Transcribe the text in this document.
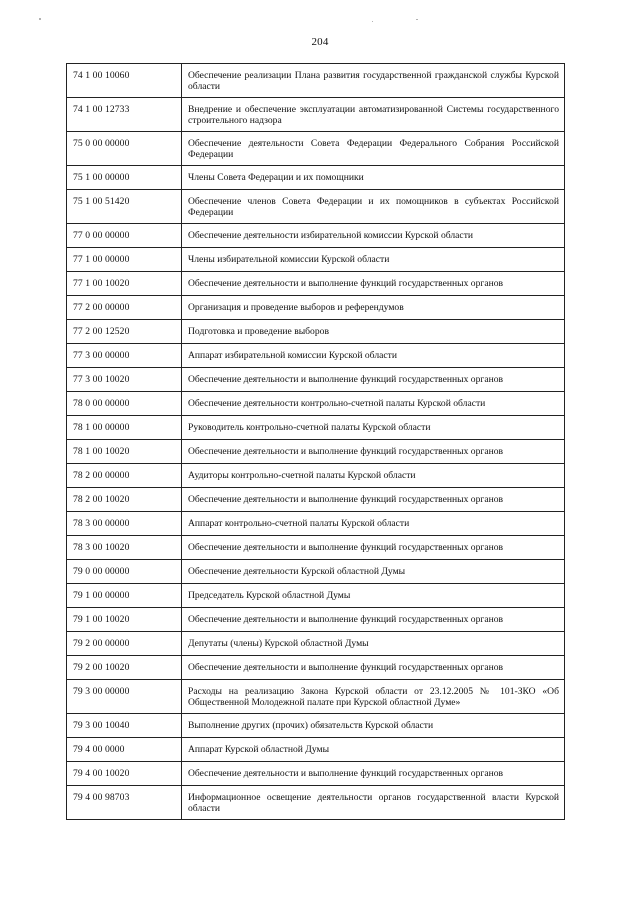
204
74 1 00 10060	Обеспечение реализации Плана развития государственной гражданской службы Курской области
74 1 00 12733	Внедрение и обеспечение эксплуатации автоматизированной Системы государственного строительного надзора
75 0 00 00000	Обеспечение деятельности Совета Федерации Федерального Собрания Российской Федерации
75 1 00 00000	Члены Совета Федерации и их помощники
75 1 00 51420	Обеспечение членов Совета Федерации и их помощников в субъектах Российской Федерации
77 0 00 00000	Обеспечение деятельности избирательной комиссии Курской области
77 1 00 00000	Члены избирательной комиссии Курской области
77 1 00 10020	Обеспечение деятельности и выполнение функций государственных органов
77 2 00 00000	Организация и проведение выборов и референдумов
77 2 00 12520	Подготовка и проведение выборов
77 3 00 00000	Аппарат избирательной комиссии Курской области
77 3 00 10020	Обеспечение деятельности и выполнение функций государственных органов
78 0 00 00000	Обеспечение деятельности контрольно-счетной палаты Курской области
78 1 00 00000	Руководитель контрольно-счетной палаты Курской области
78 1 00 10020	Обеспечение деятельности и выполнение функций государственных органов
78 2 00 00000	Аудиторы контрольно-счетной палаты Курской области
78 2 00 10020	Обеспечение деятельности и выполнение функций государственных органов
78 3 00 00000	Аппарат контрольно-счетной палаты Курской области
78 3 00 10020	Обеспечение деятельности и выполнение функций государственных органов
79 0 00 00000	Обеспечение деятельности Курской областной Думы
79 1 00 00000	Председатель Курской областной Думы
79 1 00 10020	Обеспечение деятельности и выполнение функций государственных органов
79 2 00 00000	Депутаты (члены) Курской областной Думы
79 2 00 10020	Обеспечение деятельности и выполнение функций государственных органов
79 3 00 00000	Расходы на реализацию Закона Курской области от 23.12.2005 № 101-ЗКО «Об Общественной Молодежной палате при Курской областной Думе»
79 3 00 10040	Выполнение других (прочих) обязательств Курской области
79 4 00 0000	Аппарат Курской областной Думы
79 4 00 10020	Обеспечение деятельности и выполнение функций государственных органов
79 4 00 98703	Информационное освещение деятельности органов государственной власти Курской области
